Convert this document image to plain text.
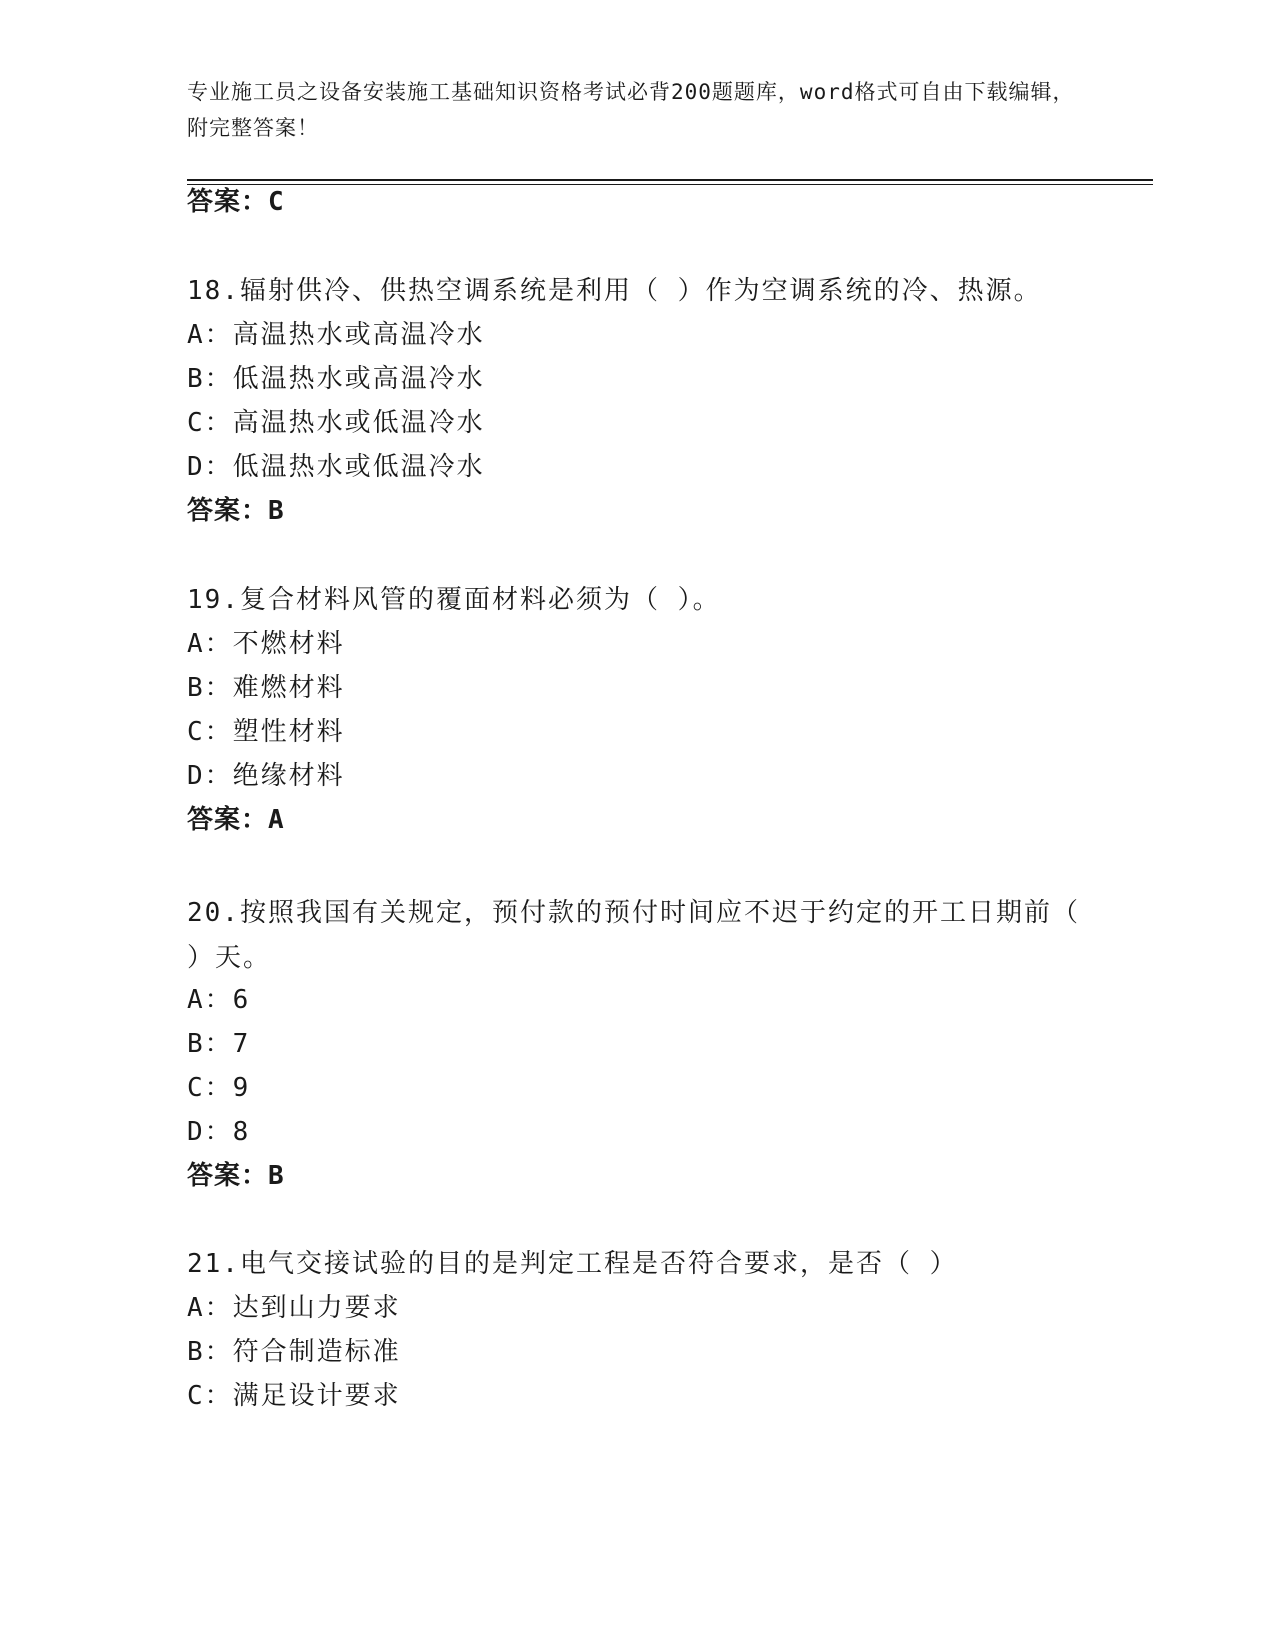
专业施工员之设备安装施工基础知识资格考试必背200题题库，word格式可自由下载编辑，附完整答案！
答案：C
18.辐射供冷、供热空调系统是利用（ ）作为空调系统的冷、热源。
A：高温热水或高温冷水
B：低温热水或高温冷水
C：高温热水或低温冷水
D：低温热水或低温冷水
答案：B
19.复合材料风管的覆面材料必须为（ ）。
A：不燃材料
B：难燃材料
C：塑性材料
D：绝缘材料
答案：A
20.按照我国有关规定，预付款的预付时间应不迟于约定的开工日期前（ ）天。
A：6
B：7
C：9
D：8
答案：B
21.电气交接试验的目的是判定工程是否符合要求，是否（ ）
A：达到山力要求
B：符合制造标准
C：满足设计要求
